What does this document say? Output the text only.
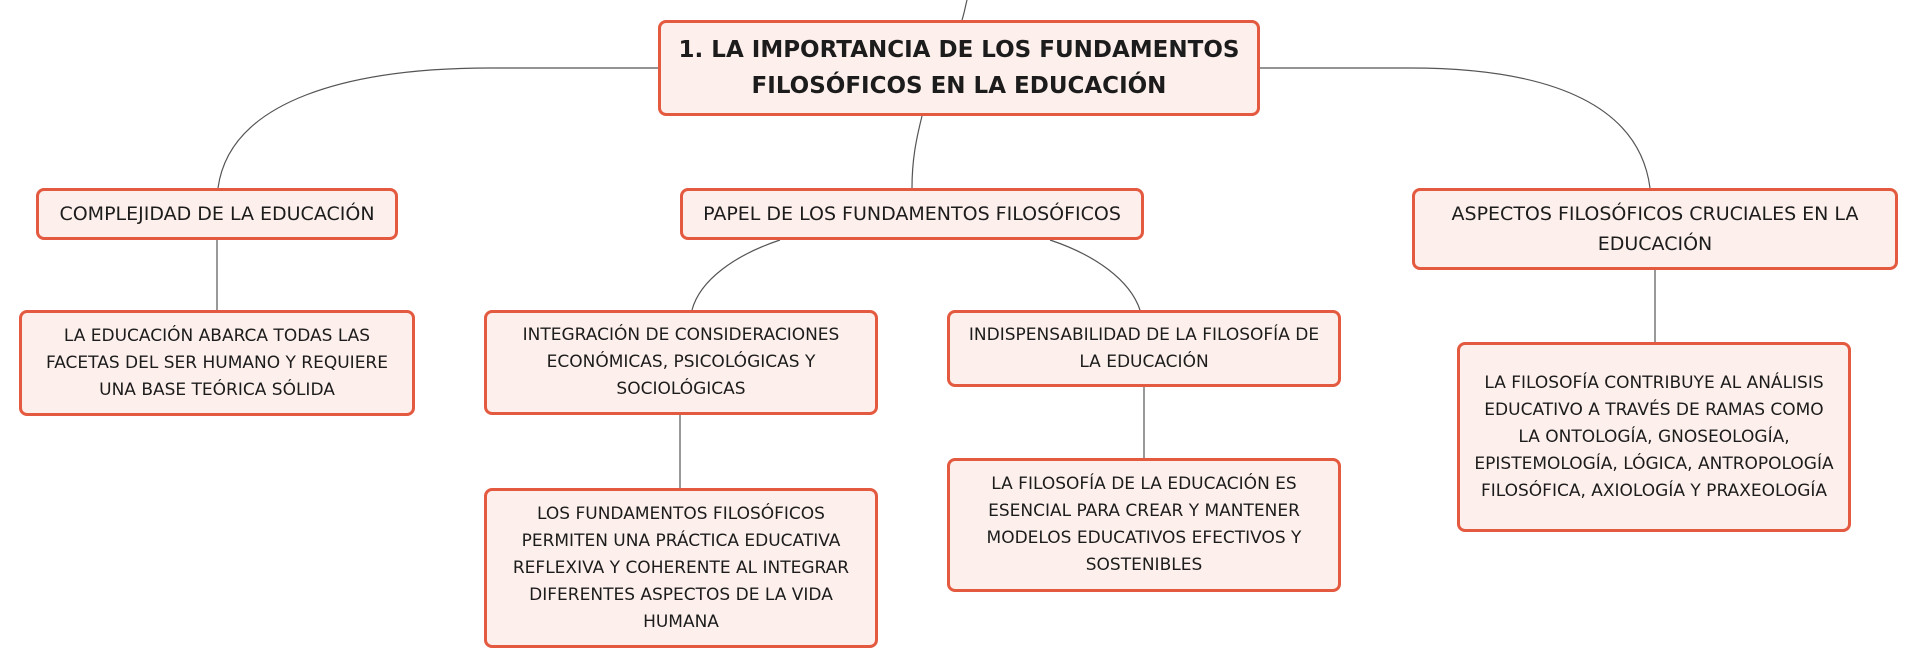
1. LA IMPORTANCIA DE LOS FUNDAMENTOS FILOSÓFICOS EN LA EDUCACIÓN
COMPLEJIDAD DE LA EDUCACIÓN	PAPEL DE LOS FUNDAMENTOS FILOSÓFICOS	ASPECTOS FILOSÓFICOS CRUCIALES EN LA EDUCACIÓN
LA EDUCACIÓN ABARCA TODAS LAS FACETAS DEL SER HUMANO Y REQUIERE UNA BASE TEÓRICA SÓLIDA
INTEGRACIÓN DE CONSIDERACIONES ECONÓMICAS, PSICOLÓGICAS Y SOCIOLÓGICAS
INDISPENSABILIDAD DE LA FILOSOFÍA DE LA EDUCACIÓN
LOS FUNDAMENTOS FILOSÓFICOS PERMITEN UNA PRÁCTICA EDUCATIVA REFLEXIVA Y COHERENTE AL INTEGRAR DIFERENTES ASPECTOS DE LA VIDA HUMANA
LA FILOSOFÍA DE LA EDUCACIÓN ES ESENCIAL PARA CREAR Y MANTENER MODELOS EDUCATIVOS EFECTIVOS Y SOSTENIBLES
LA FILOSOFÍA CONTRIBUYE AL ANÁLISIS EDUCATIVO A TRAVÉS DE RAMAS COMO LA ONTOLOGÍA, GNOSEOLOGÍA, EPISTEMOLOGÍA, LÓGICA, ANTROPOLOGÍA FILOSÓFICA, AXIOLOGÍA Y PRAXEOLOGÍA
